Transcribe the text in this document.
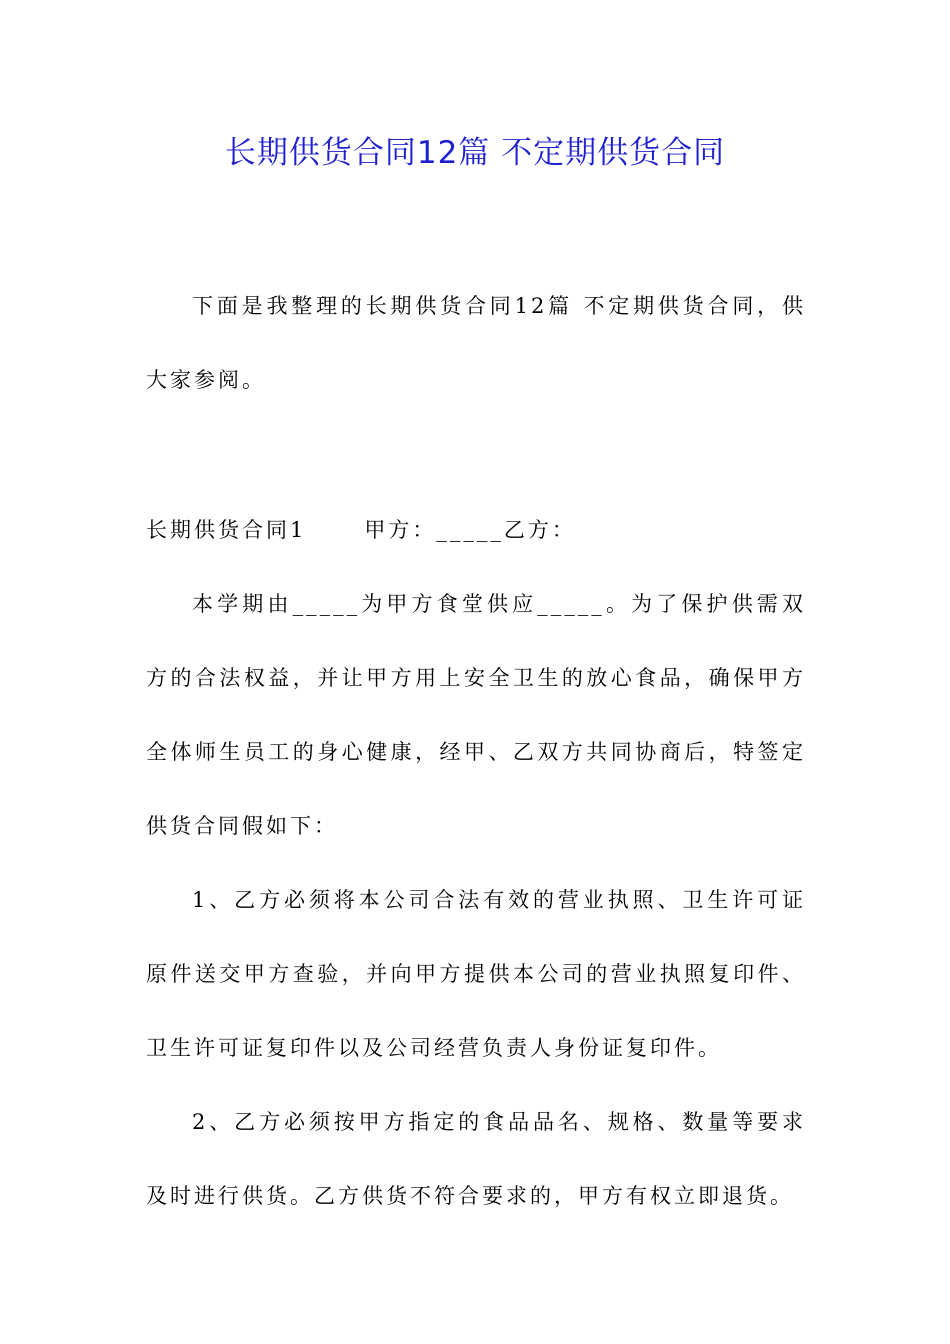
长期供货合同12篇 不定期供货合同

下面是我整理的长期供货合同12篇 不定期供货合同，供大家参阅。

长期供货合同1      甲方：_____乙方：

本学期由_____为甲方食堂供应_____。为了保护供需双方的合法权益，并让甲方用上安全卫生的放心食品，确保甲方全体师生员工的身心健康，经甲、乙双方共同协商后，特签定供货合同假如下：

1、乙方必须将本公司合法有效的营业执照、卫生许可证原件送交甲方查验，并向甲方提供本公司的营业执照复印件、卫生许可证复印件以及公司经营负责人身份证复印件。

2、乙方必须按甲方指定的食品品名、规格、数量等要求及时进行供货。乙方供货不符合要求的，甲方有权立即退货。
